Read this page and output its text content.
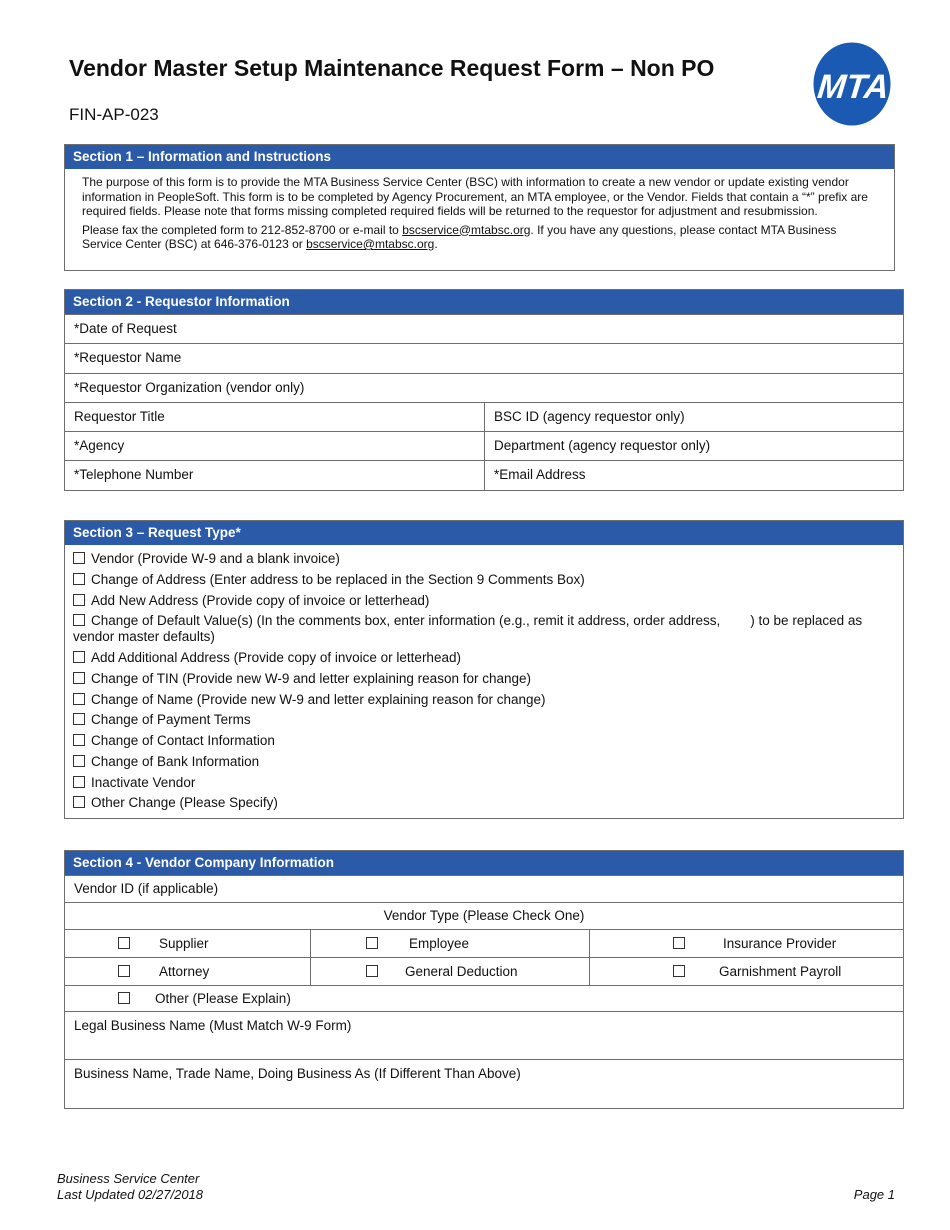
Vendor Master Setup Maintenance Request Form – Non PO
FIN-AP-023
MTA
Section 1 – Information and Instructions

The purpose of this form is to provide the MTA Business Service Center (BSC) with information to create a new vendor or update existing vendor information in PeopleSoft. This form is to be completed by Agency Procurement, an MTA employee, or the Vendor. Fields that contain a “*” prefix are required fields. Please note that forms missing completed required fields will be returned to the requestor for adjustment and resubmission.

Please fax the completed form to 212-852-8700 or e-mail to bscservice@mtabsc.org. If you have any questions, please contact MTA Business Service Center (BSC) at 646-376-0123 or bscservice@mtabsc.org.

Section 2 - Requestor Information
*Date of Request
*Requestor Name
*Requestor Organization (vendor only)
Requestor Title	BSC ID (agency requestor only)
*Agency	Department (agency requestor only)
*Telephone Number	*Email Address
Section 3 – Request Type*
Vendor (Provide W-9 and a blank invoice)
Change of Address (Enter address to be replaced in the Section 9 Comments Box)
Add New Address (Provide copy of invoice or letterhead)
Change of Default Value(s) (In the comments box, enter information (e.g., remit it address, order address,        ) to be replaced as vendor master defaults)
Add Additional Address (Provide copy of invoice or letterhead)
Change of TIN (Provide new W-9 and letter explaining reason for change)
Change of Name (Provide new W-9 and letter explaining reason for change)
Change of Payment Terms
Change of Contact Information
Change of Bank Information
Inactivate Vendor
Other Change (Please Specify)
Section 4 - Vendor Company Information
Vendor ID (if applicable)
Vendor Type (Please Check One)
Supplier	Employee	Insurance Provider
Attorney	General Deduction	Garnishment Payroll
Other (Please Explain)
Legal Business Name (Must Match W-9 Form)
Business Name, Trade Name, Doing Business As (If Different Than Above)
Business Service Center
Last Updated 02/27/2018	Page 1
